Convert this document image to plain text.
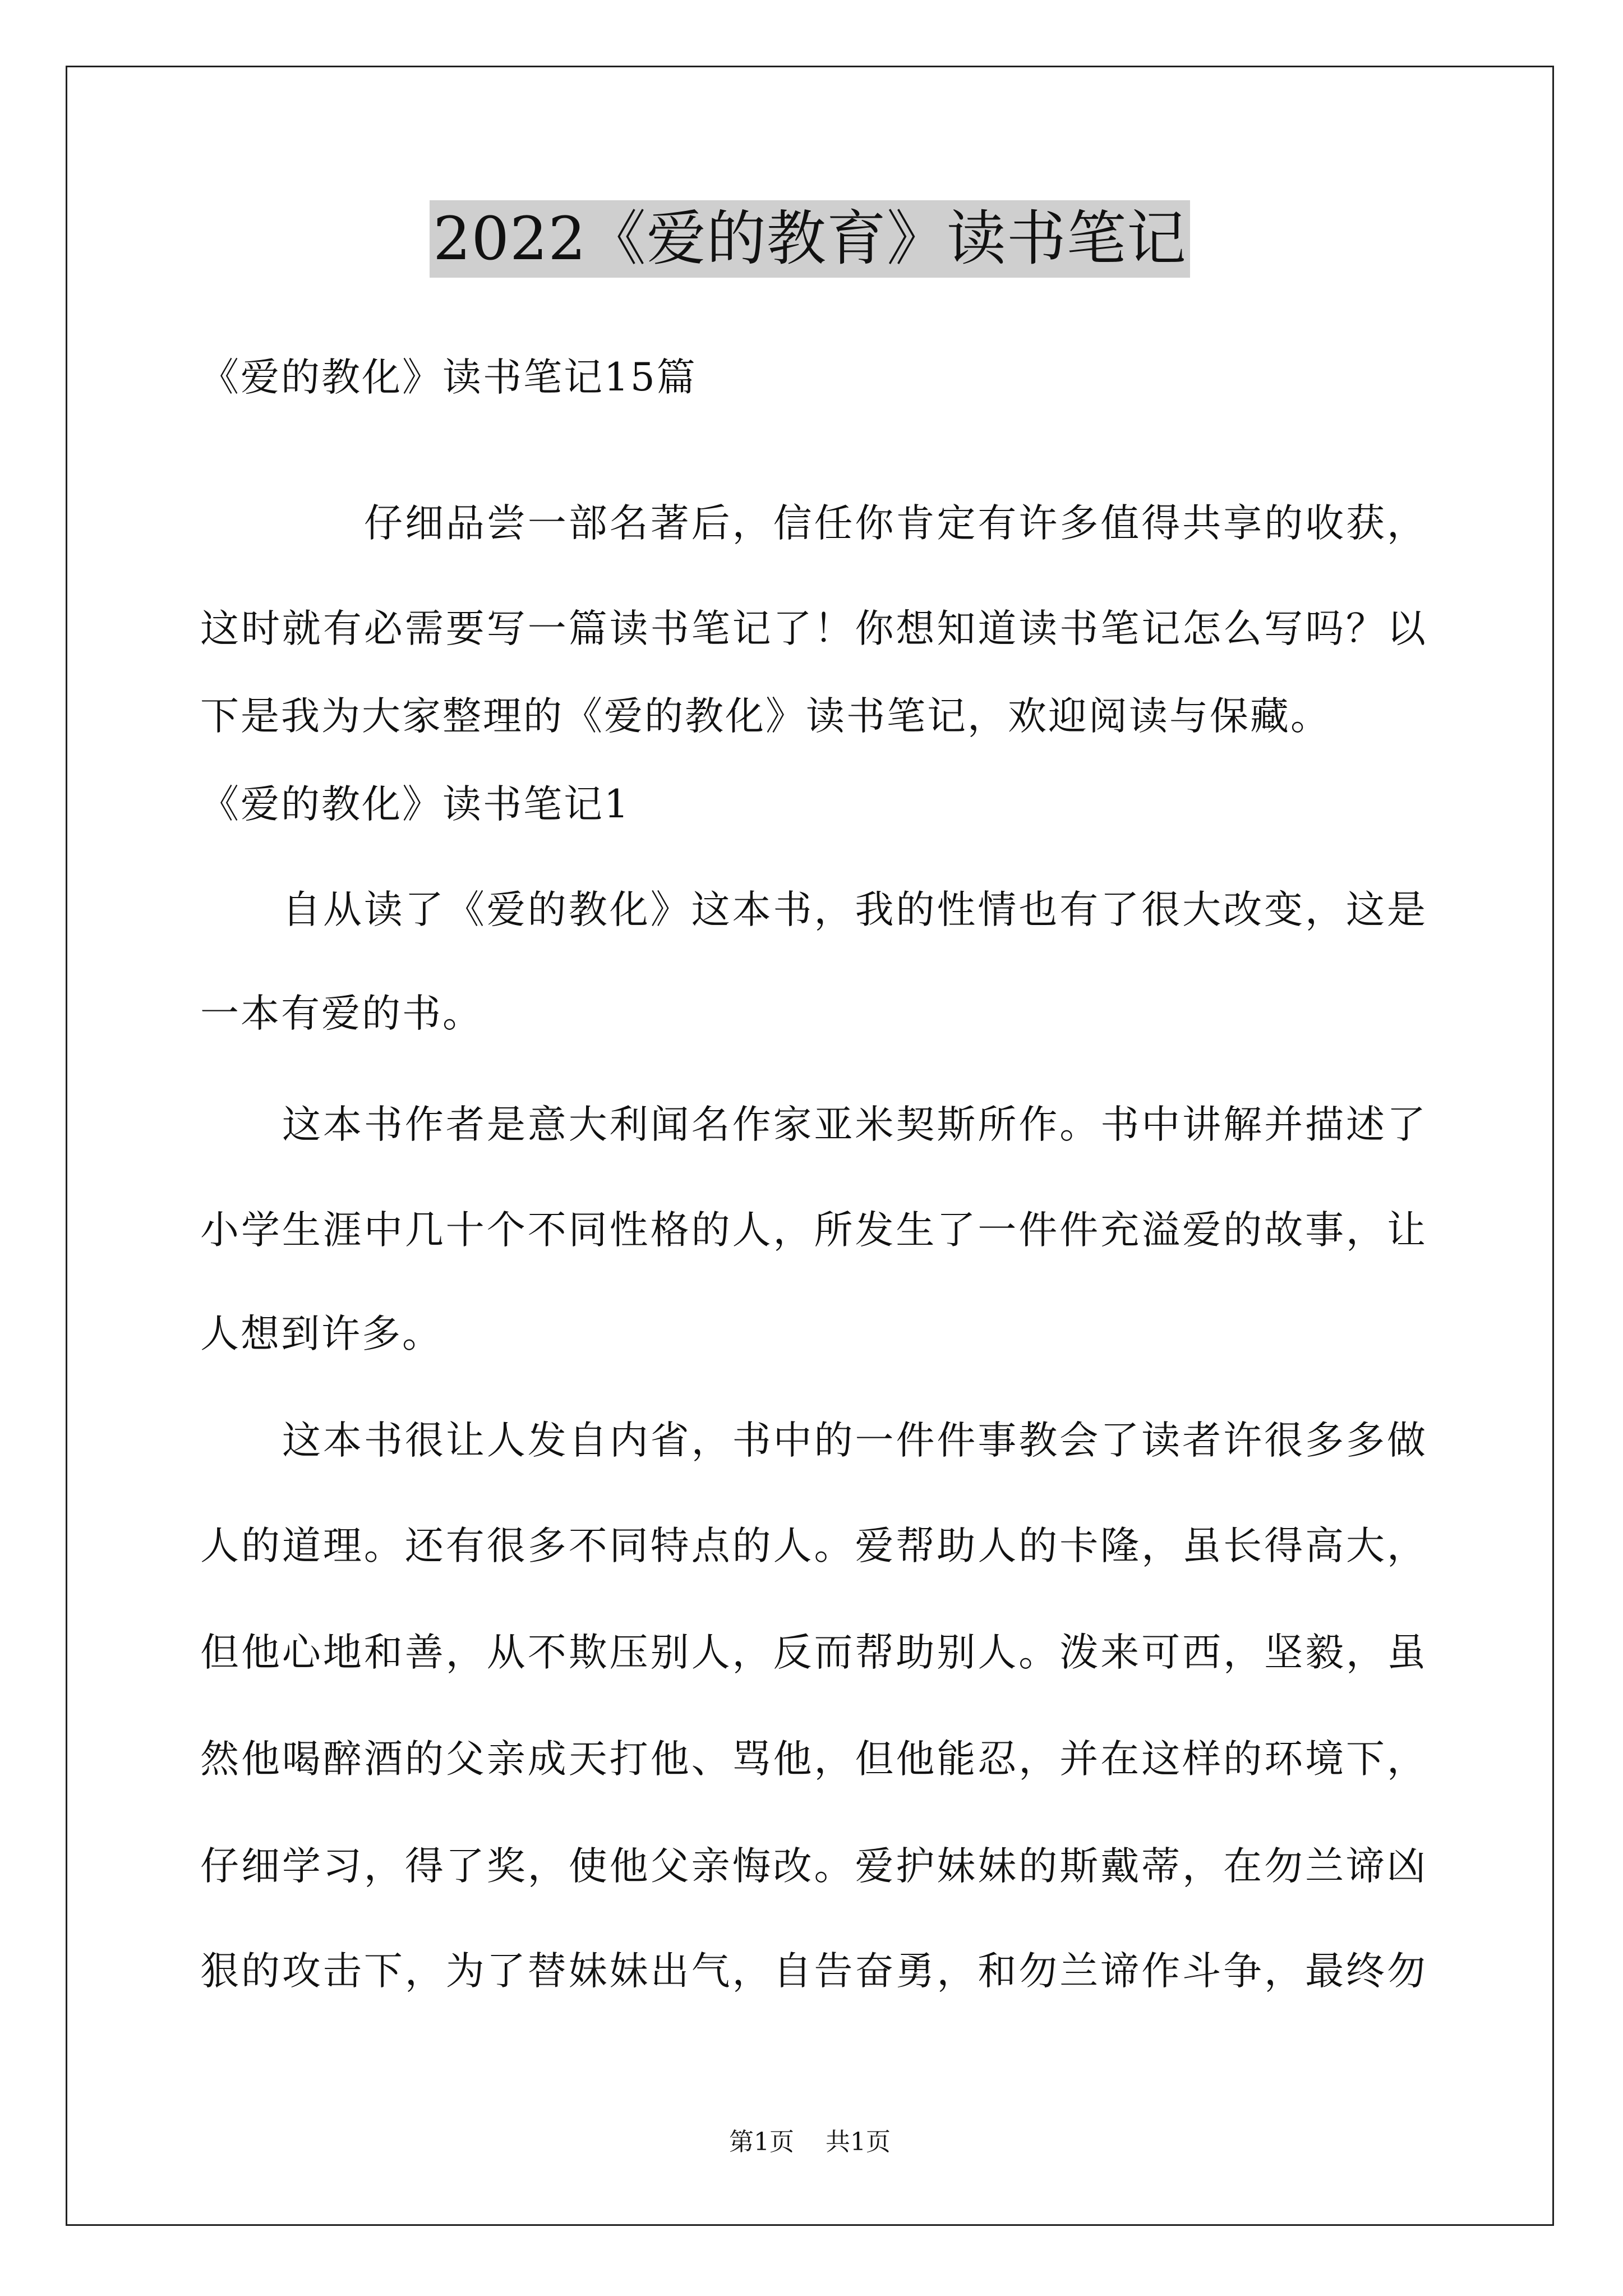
2022《爱的教育》读书笔记
《爱的教化》读书笔记15篇
仔细品尝一部名著后，信任你肯定有许多值得共享的收获，
这时就有必需要写一篇读书笔记了！你想知道读书笔记怎么写吗？以
下是我为大家整理的《爱的教化》读书笔记，欢迎阅读与保藏。
《爱的教化》读书笔记1
自从读了《爱的教化》这本书，我的性情也有了很大改变，这是
一本有爱的书。
这本书作者是意大利闻名作家亚米契斯所作。书中讲解并描述了
小学生涯中几十个不同性格的人，所发生了一件件充溢爱的故事，让
人想到许多。
这本书很让人发自内省，书中的一件件事教会了读者许很多多做
人的道理。还有很多不同特点的人。爱帮助人的卡隆，虽长得高大，
但他心地和善，从不欺压别人，反而帮助别人。泼来可西，坚毅，虽
然他喝醉酒的父亲成天打他、骂他，但他能忍，并在这样的环境下，
仔细学习，得了奖，使他父亲悔改。爱护妹妹的斯戴蒂，在勿兰谛凶
狠的攻击下，为了替妹妹出气，自告奋勇，和勿兰谛作斗争，最终勿
第1页 共1页
